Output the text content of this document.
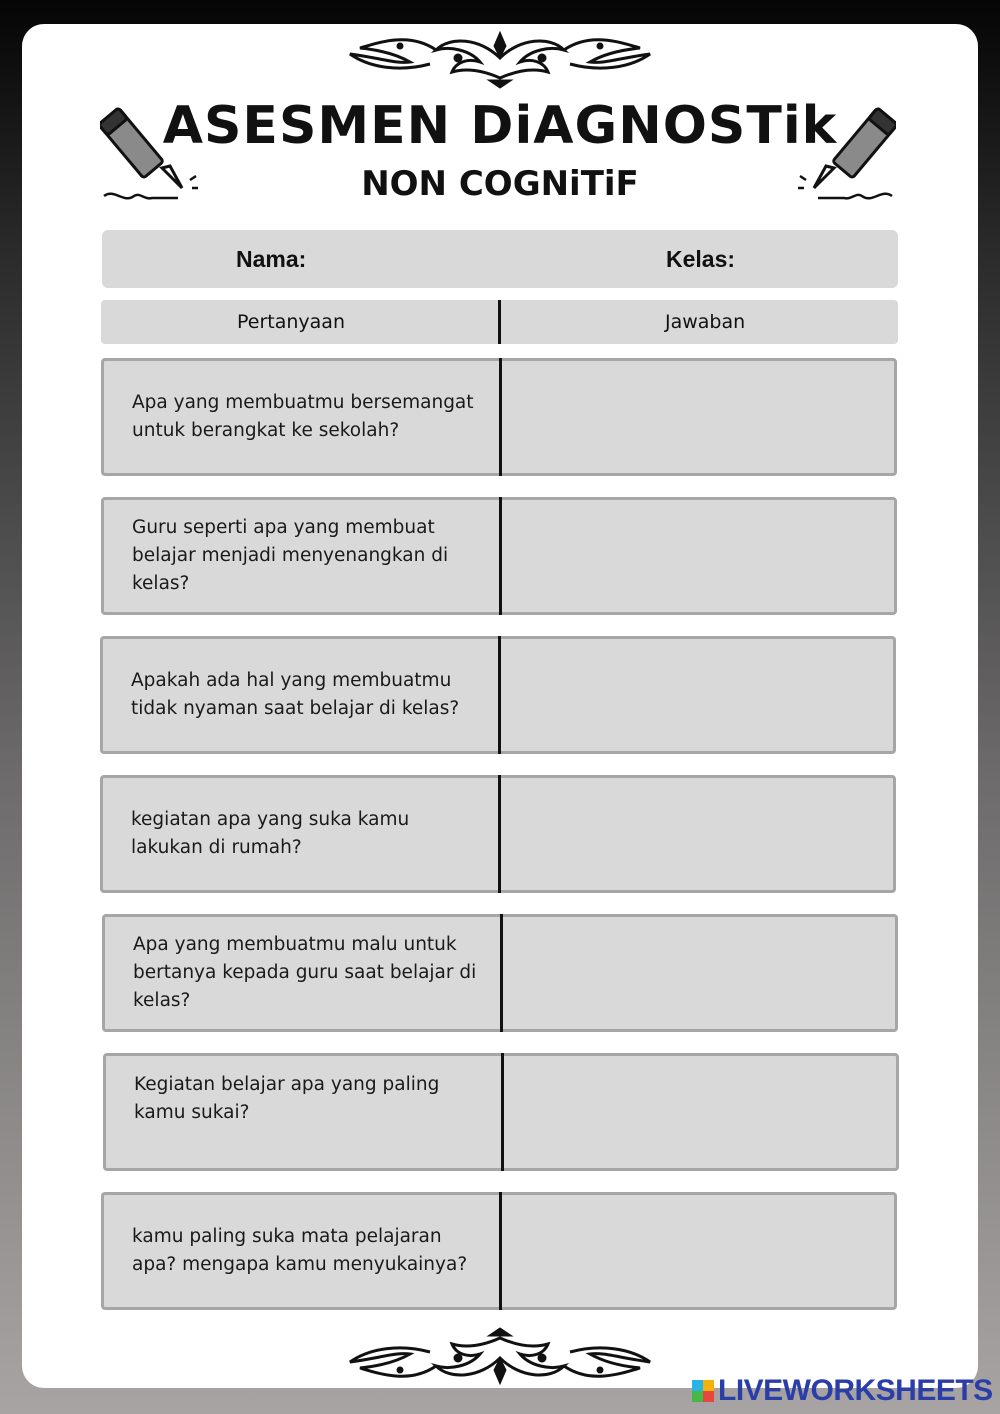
ASESMEN DiAGNOSTik
NON COGNiTiF
Nama:	Kelas:
Pertanyaan	Jawaban
Apa yang membuatmu bersemangat untuk berangkat ke sekolah?
Guru seperti apa yang membuat belajar menjadi menyenangkan di kelas?
Apakah ada hal yang membuatmu tidak nyaman saat belajar di kelas?
kegiatan apa yang suka kamu lakukan di rumah?
Apa yang membuatmu malu untuk bertanya kepada guru saat belajar di kelas?
Kegiatan belajar apa yang paling kamu sukai?
kamu paling suka mata pelajaran apa? mengapa kamu menyukainya?
LIVEWORKSHEETS
